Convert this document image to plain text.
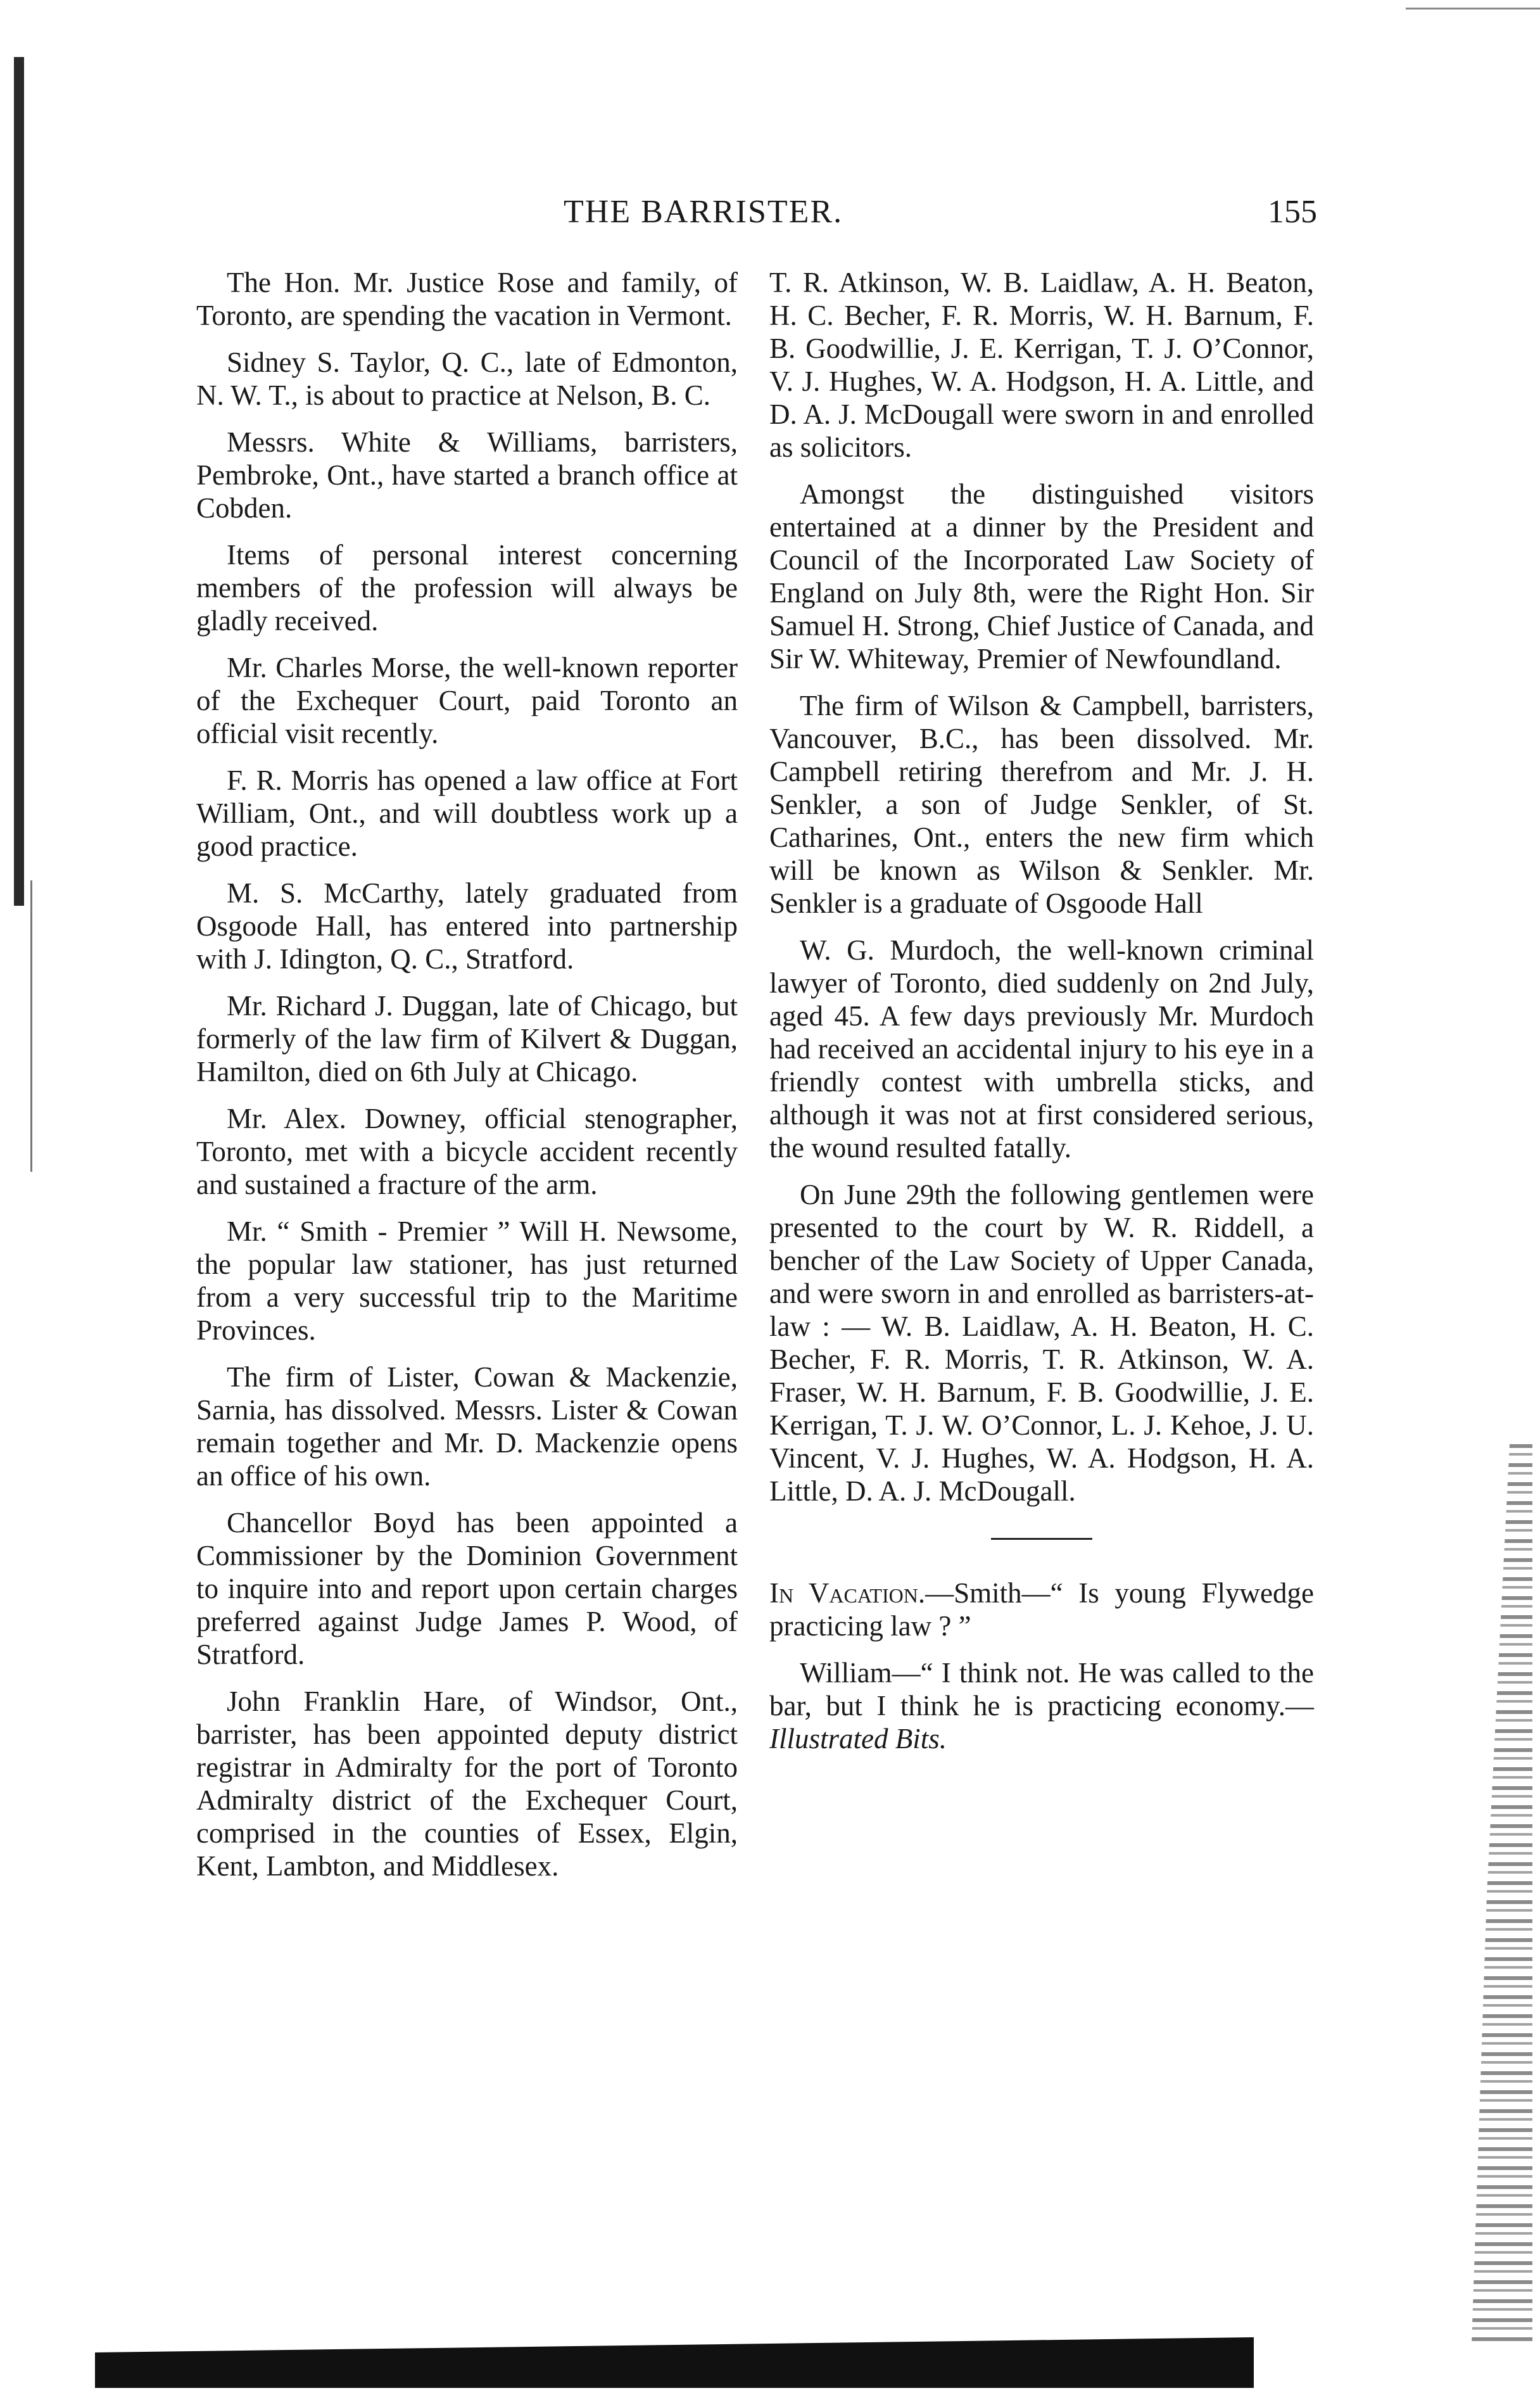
THE BARRISTER.	155

The Hon. Mr. Justice Rose and family, of Toronto, are spending the vacation in Vermont.

Sidney S. Taylor, Q. C., late of Edmonton, N. W. T., is about to practice at Nelson, B. C.

Messrs. White & Williams, barristers, Pembroke, Ont., have started a branch office at Cobden.

Items of personal interest concerning members of the profession will always be gladly received.

Mr. Charles Morse, the well-known reporter of the Exchequer Court, paid Toronto an official visit recently.

F. R. Morris has opened a law office at Fort William, Ont., and will doubtless work up a good practice.

M. S. McCarthy, lately graduated from Osgoode Hall, has entered into partnership with J. Idington, Q. C., Stratford.

Mr. Richard J. Duggan, late of Chicago, but formerly of the law firm of Kilvert & Duggan, Hamilton, died on 6th July at Chicago.

Mr. Alex. Downey, official stenographer, Toronto, met with a bicycle accident recently and sustained a fracture of the arm.

Mr. “ Smith - Premier ” Will H. Newsome, the popular law stationer, has just returned from a very successful trip to the Maritime Provinces.

The firm of Lister, Cowan & Mackenzie, Sarnia, has dissolved. Messrs. Lister & Cowan remain together and Mr. D. Mackenzie opens an office of his own.

Chancellor Boyd has been appointed a Commissioner by the Dominion Government to inquire into and report upon certain charges preferred against Judge James P. Wood, of Stratford.

John Franklin Hare, of Windsor, Ont., barrister, has been appointed deputy district registrar in Admiralty for the port of Toronto Admiralty district of the Exchequer Court, comprised in the counties of Essex, Elgin, Kent, Lambton, and Middlesex.

T. R. Atkinson, W. B. Laidlaw, A. H. Beaton, H. C. Becher, F. R. Morris, W. H. Barnum, F. B. Goodwillie, J. E. Kerrigan, T. J. O’Connor, V. J. Hughes, W. A. Hodgson, H. A. Little, and D. A. J. McDougall were sworn in and enrolled as solicitors.

Amongst the distinguished visitors entertained at a dinner by the President and Council of the Incorporated Law Society of England on July 8th, were the Right Hon. Sir Samuel H. Strong, Chief Justice of Canada, and Sir W. Whiteway, Premier of Newfoundland.

The firm of Wilson & Campbell, barristers, Vancouver, B.C., has been dissolved. Mr. Campbell retiring therefrom and Mr. J. H. Senkler, a son of Judge Senkler, of St. Catharines, Ont., enters the new firm which will be known as Wilson & Senkler. Mr. Senkler is a graduate of Osgoode Hall

W. G. Murdoch, the well-known criminal lawyer of Toronto, died suddenly on 2nd July, aged 45. A few days previously Mr. Murdoch had received an accidental injury to his eye in a friendly contest with umbrella sticks, and although it was not at first considered serious, the wound resulted fatally.

On June 29th the following gentlemen were presented to the court by W. R. Riddell, a bencher of the Law Society of Upper Canada, and were sworn in and enrolled as barristers-at-law : — W. B. Laidlaw, A. H. Beaton, H. C. Becher, F. R. Morris, T. R. Atkinson, W. A. Fraser, W. H. Barnum, F. B. Goodwillie, J. E. Kerrigan, T. J. W. O’Connor, L. J. Kehoe, J. U. Vincent, V. J. Hughes, W. A. Hodgson, H. A. Little, D. A. J. McDougall.

In Vacation.—Smith—“ Is young Flywedge practicing law ? ”

William—“ I think not. He was called to the bar, but I think he is practicing economy.—Illustrated Bits.
